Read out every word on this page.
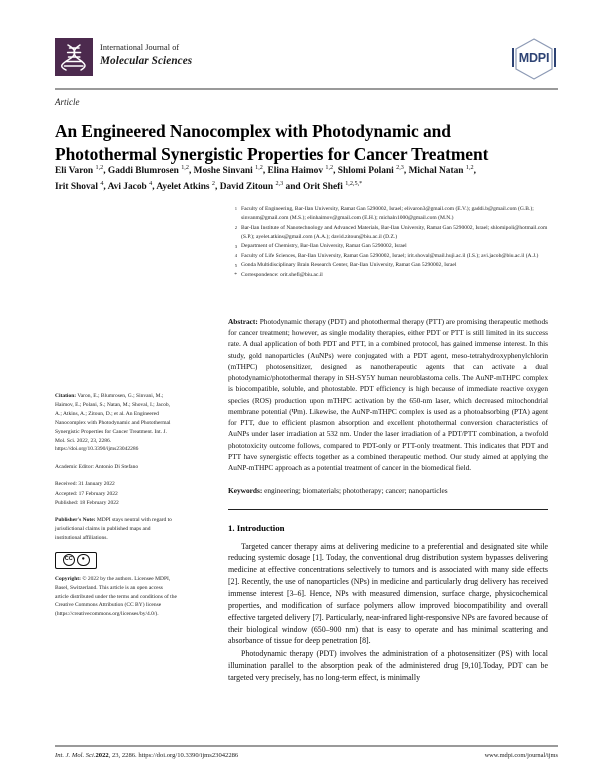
International Journal of
Molecular Sciences	MDPI
Article
An Engineered Nanocomplex with Photodynamic and Photothermal Synergistic Properties for Cancer Treatment
Eli Varon $^{1,2}$, Gaddi Blumrosen $^{1,2}$, Moshe Sinvani $^{1,2}$, Elina Haimov $^{1,2}$, Shlomi Polani $^{2,3}$, Michal Natan $^{1,2}$,
Irit Shoval $^4$, Avi Jacob $^4$, Ayelet Atkins $^2$, David Zitoun $^{2,3}$ and Orit Shefi $^{1,2,5,*}$
1 Faculty of Engineering, Bar-Ilan University, Ramat Gan 5290002, Israel; elivaron3@gmail.com (E.V.); gaddi.b@gmail.com (G.B.); sinvanm@gmail.com (M.S.); elinhaimov@gmail.com (E.H.); michaln1000@gmail.com (M.N.)
2 Bar-Ilan Institute of Nanotechnology and Advanced Materials, Bar-Ilan University, Ramat Gan 5290002, Israel; shlomipoli@hotmail.com (S.P.); ayelet.atkins@gmail.com (A.A.); david.zitoun@biu.ac.il (D.Z.)
3 Department of Chemistry, Bar-Ilan University, Ramat Gan 5290002, Israel
4 Faculty of Life Sciences, Bar-Ilan University, Ramat Gan 5290002, Israel; irit.shoval@mail.huji.ac.il (I.S.); avi.jacob@biu.ac.il (A.J.)
5 Gonda Multidisciplinary Brain Research Center, Bar-Ilan University, Ramat Gan 5290002, Israel
* Correspondence: orit.shefi@biu.ac.il
Citation: Varon, E.; Blumrosen, G.; Sinvani, M.; Haimov, E.; Polani, S.; Natan, M.; Shoval, I.; Jacob, A.; Atkins, A.; Zitoun, D.; et al. An Engineered Nanocomplex with Photodynamic and Photothermal Synergistic Properties for Cancer Treatment. Int. J. Mol. Sci. 2022, 23, 2286. https://doi.org/10.3390/ijms23042286
Academic Editor: Antonio Di Stefano
Received: 31 January 2022
Accepted: 17 February 2022
Published: 18 February 2022
Publisher's Note: MDPI stays neutral with regard to jurisdictional claims in published maps and institutional affiliations.
CC	●
Copyright: © 2022 by the authors. Licensee MDPI, Basel, Switzerland. This article is an open access article distributed under the terms and conditions of the Creative Commons Attribution (CC BY) license (https://creativecommons.org/licenses/by/4.0/).
Abstract: Photodynamic therapy (PDT) and photothermal therapy (PTT) are promising therapeutic methods for cancer treatment; however, as single modality therapies, either PDT or PTT is still limited in its success rate. A dual application of both PDT and PTT, in a combined protocol, has gained immense interest. In this study, gold nanoparticles (AuNPs) were conjugated with a PDT agent, meso-tetrahydroxyphenylchlorin (mTHPC) photosensitizer, designed as nanotherapeutic agents that can activate a dual photodynamic/photothermal therapy in SH-SY5Y human neuroblastoma cells. The AuNP-mTHPC complex is biocompatible, soluble, and photostable. PDT efficiency is high because of immediate reactive oxygen species (ROS) production upon mTHPC activation by the 650-nm laser, which decreased mitochondrial membrane potential (Ψm). Likewise, the AuNP-mTHPC complex is used as a photoabsorbing (PTA) agent for PTT, due to efficient plasmon absorption and excellent photothermal conversion characteristics of AuNPs under laser irradiation at 532 nm. Under the laser irradiation of a PDT/PTT combination, a twofold phototoxicity outcome follows, compared to PDT-only or PTT-only treatment. This indicates that PDT and PTT have synergistic effects together as a combined therapeutic method. Our study aimed at applying the AuNP-mTHPC approach as a potential treatment of cancer in the biomedical field.
Keywords: engineering; biomaterials; phototherapy; cancer; nanoparticles
1. Introduction

Targeted cancer therapy aims at delivering medicine to a preferential and designated site while reducing systemic dosage [1]. Today, the conventional drug distribution system bypasses delivering medicine at effective concentrations selectively to tumors and is associated with many side effects [2]. Recently, the use of nanoparticles (NPs) in medicine and particularly drug delivery has received immense interest [3–6]. Hence, NPs with measured dimension, surface charge, physicochemical properties, and modification of surface polymers allow improved biocompatibility and overall effective targeted delivery [7]. Particularly, near-infrared light-responsive NPs are favored because of their biological window (650–900 nm) that is easy to operate and has minimal scattering and absorbance of tissue for deep penetration [8].

Photodynamic therapy (PDT) involves the administration of a photosensitizer (PS) with local illumination parallel to the absorption peak of the administered drug [9,10].Today, PDT can be targeted very precisely, has no long-term effect, is minimally

Int. J. Mol. Sci.2022, 23, 2286. https://doi.org/10.3390/ijms23042286	www.mdpi.com/journal/ijms
